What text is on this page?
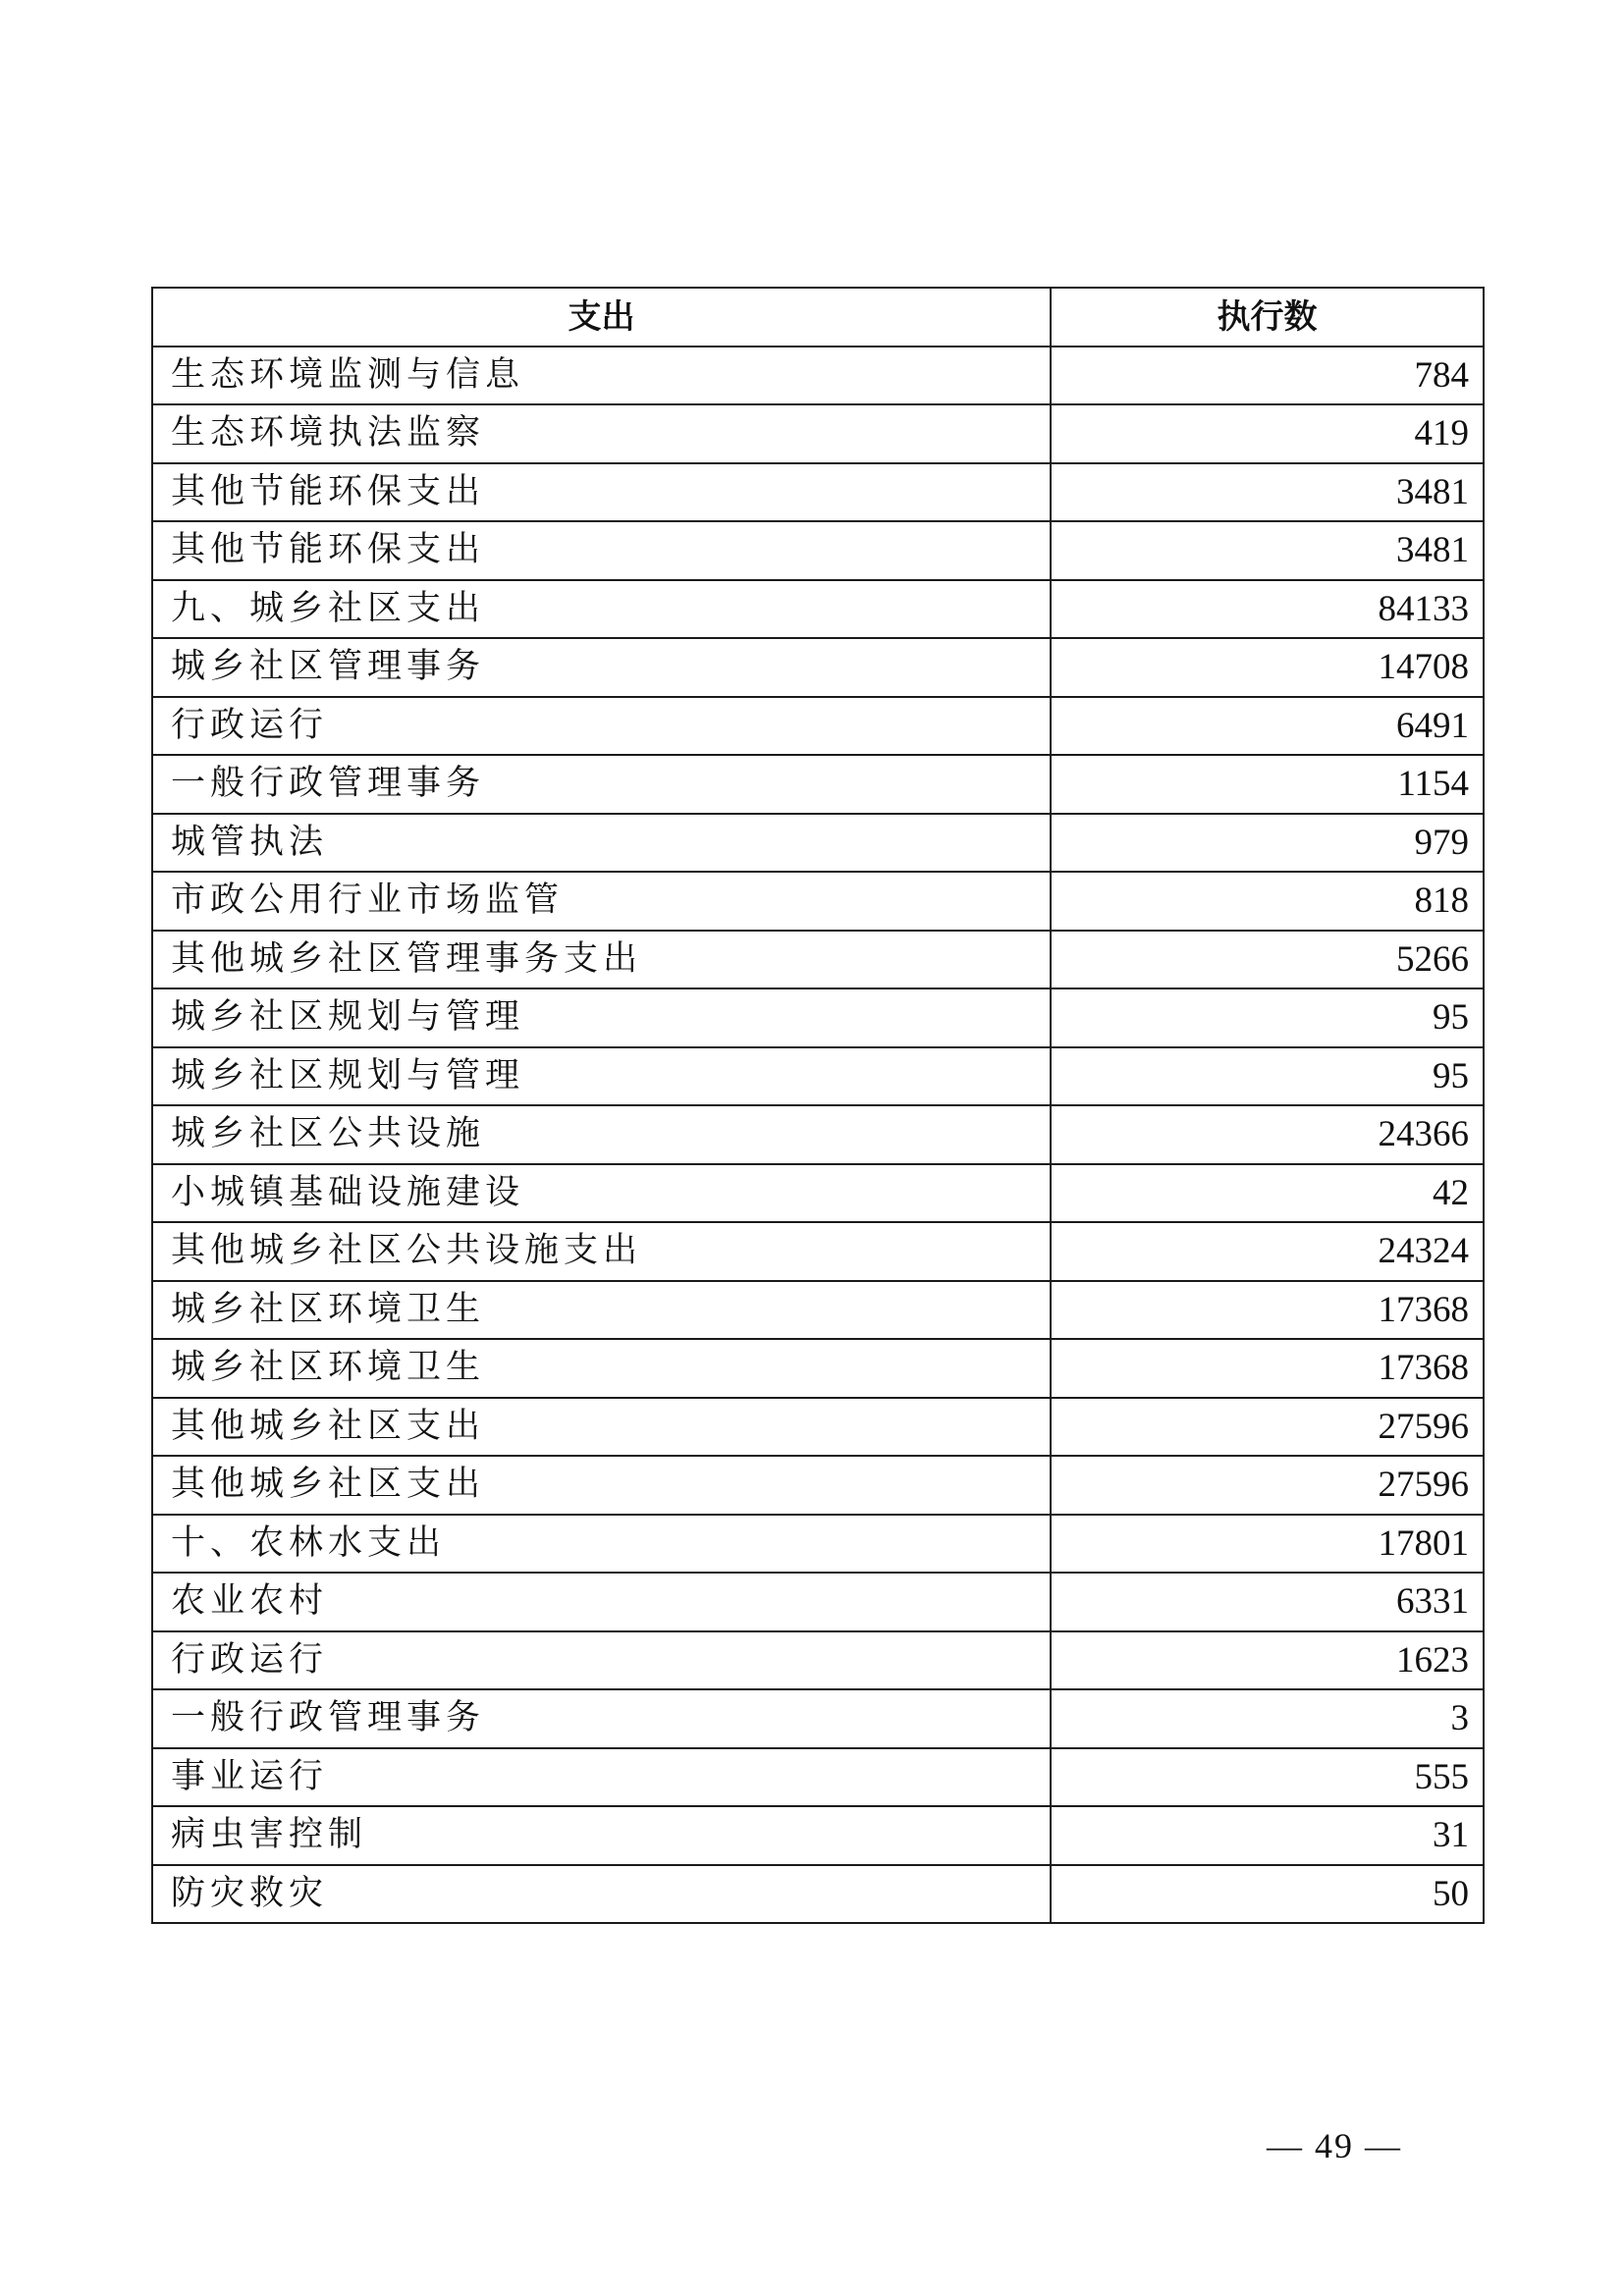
支出	执行数
生态环境监测与信息	784
生态环境执法监察	419
其他节能环保支出	3481
其他节能环保支出	3481
九、城乡社区支出	84133
城乡社区管理事务	14708
行政运行	6491
一般行政管理事务	1154
城管执法	979
市政公用行业市场监管	818
其他城乡社区管理事务支出	5266
城乡社区规划与管理	95
城乡社区规划与管理	95
城乡社区公共设施	24366
小城镇基础设施建设	42
其他城乡社区公共设施支出	24324
城乡社区环境卫生	17368
城乡社区环境卫生	17368
其他城乡社区支出	27596
其他城乡社区支出	27596
十、农林水支出	17801
农业农村	6331
行政运行	1623
一般行政管理事务	3
事业运行	555
病虫害控制	31
防灾救灾	50
— 49 —
